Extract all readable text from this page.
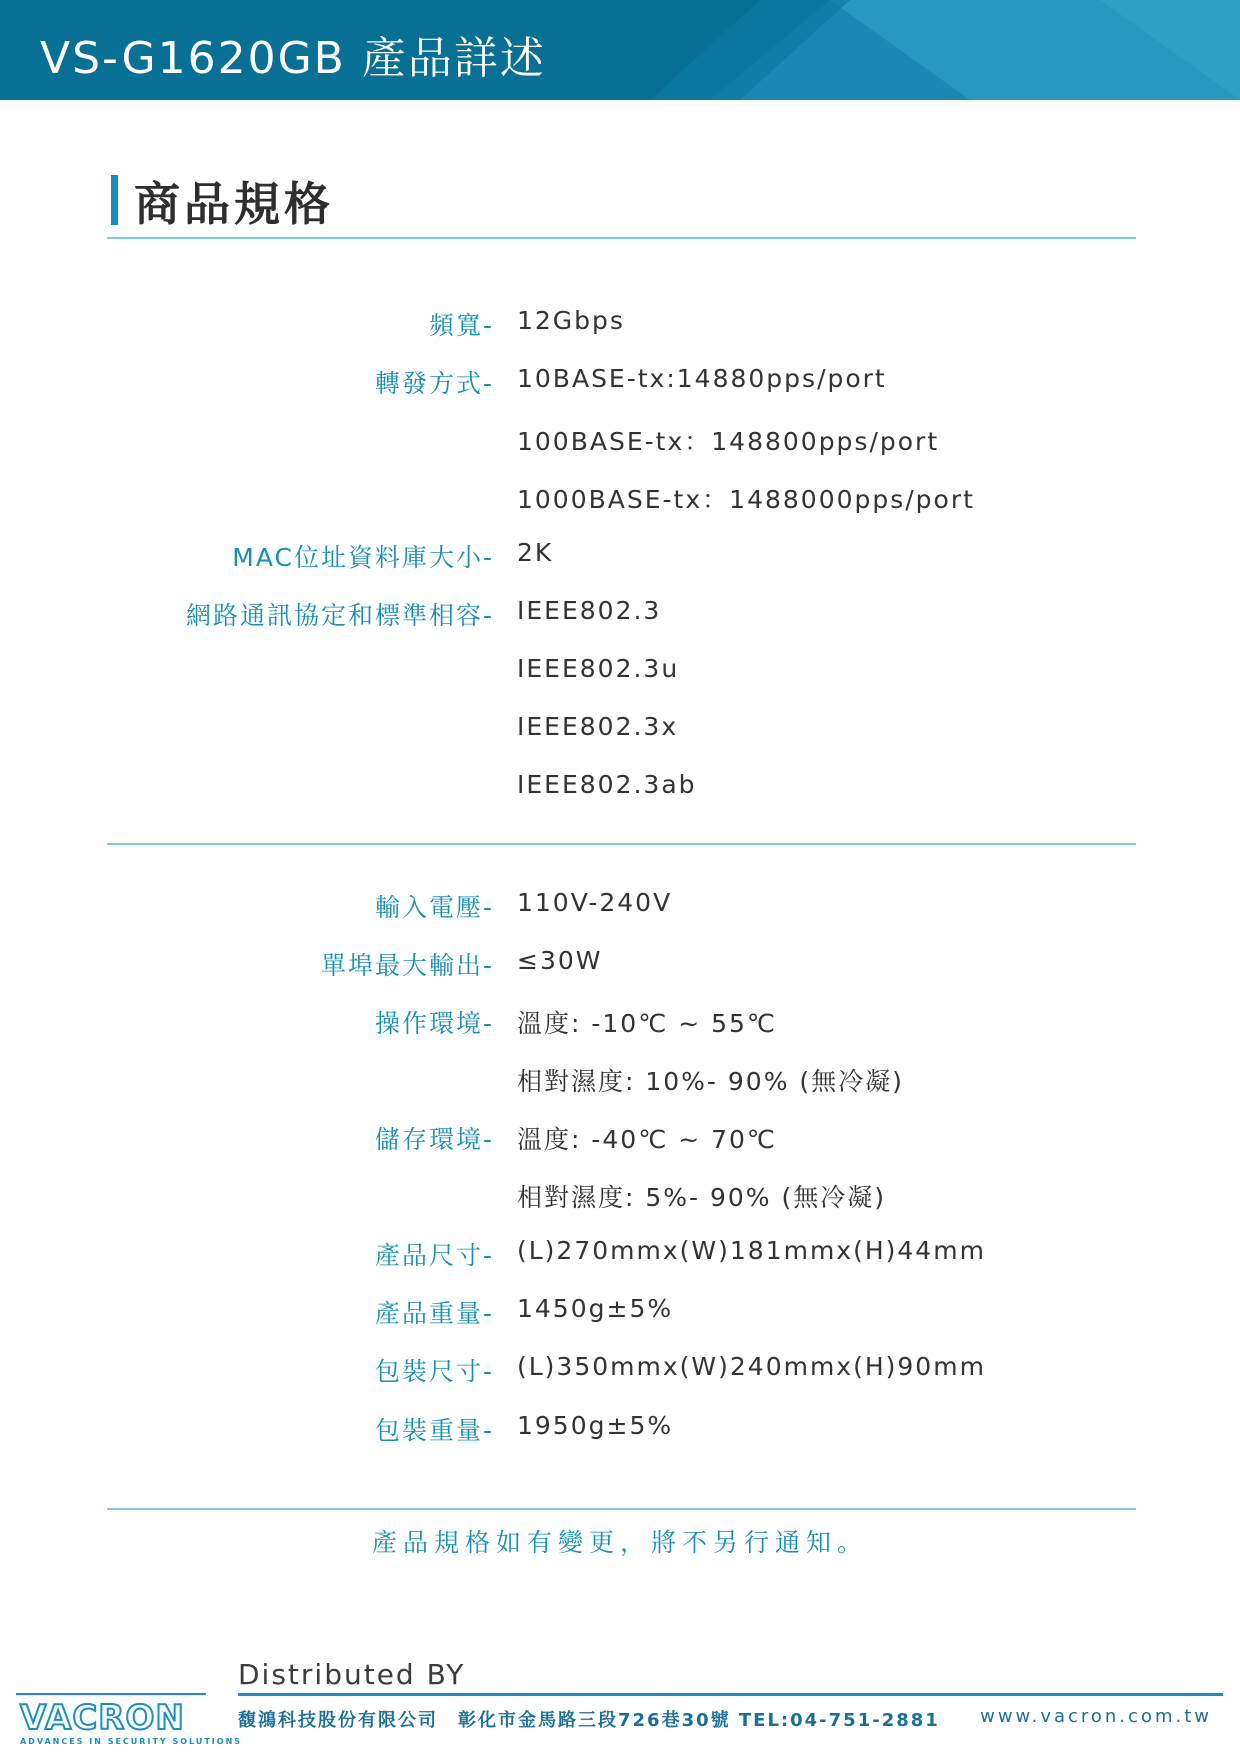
VS-G1620GB 產品詳述
商品規格
頻寬- 12Gbps
轉發方式- 10BASE-tx:14880pps/port
100BASE-tx：148800pps/port
1000BASE-tx：1488000pps/port
MAC位址資料庫大小- 2K
網路通訊協定和標準相容- IEEE802.3
IEEE802.3u
IEEE802.3x
IEEE802.3ab
輸入電壓- 110V-240V
單埠最大輸出- ≤30W
操作環境- 溫度: -10℃ ~ 55℃
相對濕度: 10%- 90% (無冷凝)
儲存環境- 溫度: -40℃ ~ 70℃
相對濕度: 5%- 90% (無冷凝)
產品尺寸- (L)270mmx(W)181mmx(H)44mm
產品重量- 1450g±5%
包裝尺寸- (L)350mmx(W)240mmx(H)90mm
包裝重量- 1950g±5%
產品規格如有變更，將不另行通知。
Distributed BY
VACRON
ADVANCES IN SECURITY SOLUTIONS
馥鴻科技股份有限公司　彰化市金馬路三段726巷30號 TEL:04-751-2881 www.vacron.com.tw
